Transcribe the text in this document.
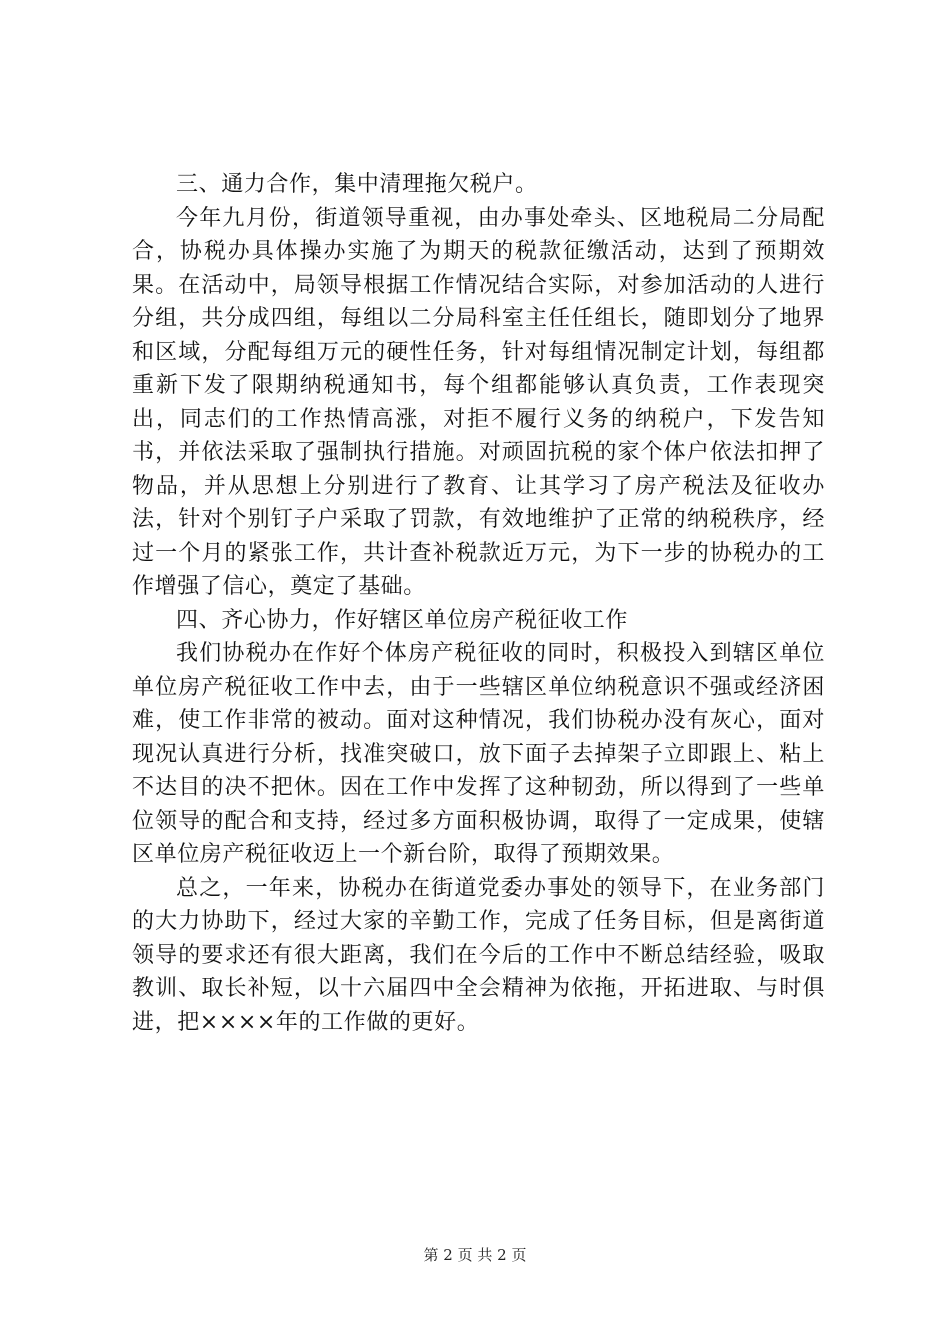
三、通力合作，集中清理拖欠税户。

今年九月份，街道领导重视，由办事处牵头、区地税局二分局配合，协税办具体操办实施了为期天的税款征缴活动，达到了预期效果。在活动中，局领导根据工作情况结合实际，对参加活动的人进行分组，共分成四组，每组以二分局科室主任任组长，随即划分了地界和区域，分配每组万元的硬性任务，针对每组情况制定计划，每组都重新下发了限期纳税通知书，每个组都能够认真负责，工作表现突出，同志们的工作热情高涨，对拒不履行义务的纳税户，下发告知书，并依法采取了强制执行措施。对顽固抗税的家个体户依法扣押了物品，并从思想上分别进行了教育、让其学习了房产税法及征收办法，针对个别钉子户采取了罚款，有效地维护了正常的纳税秩序，经过一个月的紧张工作，共计查补税款近万元，为下一步的协税办的工作增强了信心，奠定了基础。

四、齐心协力，作好辖区单位房产税征收工作

我们协税办在作好个体房产税征收的同时，积极投入到辖区单位单位房产税征收工作中去，由于一些辖区单位纳税意识不强或经济困难，使工作非常的被动。面对这种情况，我们协税办没有灰心，面对现况认真进行分析，找准突破口，放下面子去掉架子立即跟上、粘上不达目的决不把休。因在工作中发挥了这种韧劲，所以得到了一些单位领导的配合和支持，经过多方面积极协调，取得了一定成果，使辖区单位房产税征收迈上一个新台阶，取得了预期效果。

总之，一年来，协税办在街道党委办事处的领导下，在业务部门的大力协助下，经过大家的辛勤工作，完成了任务目标，但是离街道领导的要求还有很大距离，我们在今后的工作中不断总结经验，吸取教训、取长补短，以十六届四中全会精神为依拖，开拓进取、与时俱进，把××××年的工作做的更好。

第 2 页 共 2 页
